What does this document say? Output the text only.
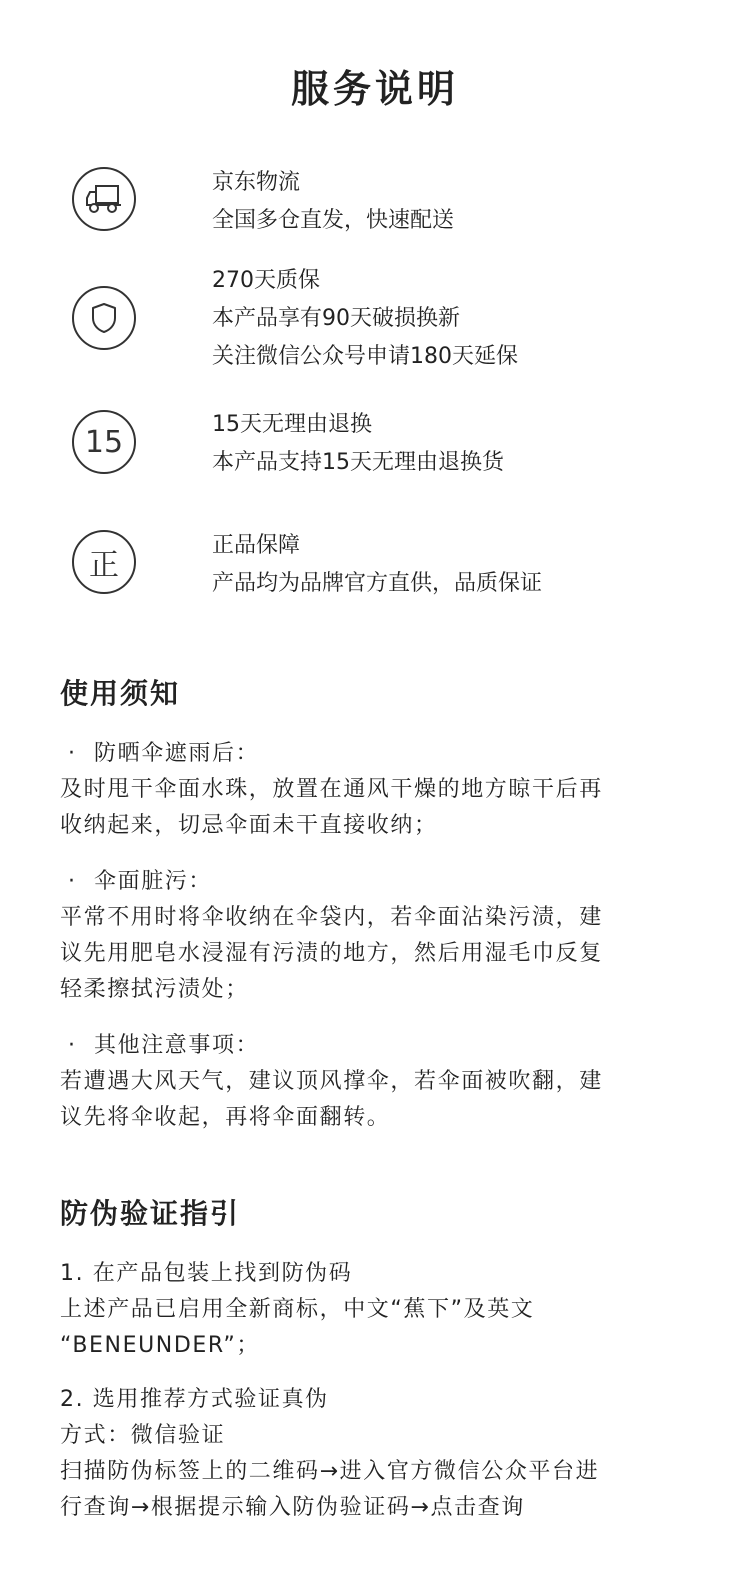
服务说明
京东物流
全国多仓直发，快速配送
270天质保
本产品享有90天破损换新
关注微信公众号申请180天延保
15	15天无理由退换
本产品支持15天无理由退换货
正
正品保障
产品均为品牌官方直供，品质保证
使用须知
· 防晒伞遮雨后：
及时甩干伞面水珠，放置在通风干燥的地方晾干后再
收纳起来，切忌伞面未干直接收纳；
· 伞面脏污：
平常不用时将伞收纳在伞袋内，若伞面沾染污渍，建
议先用肥皂水浸湿有污渍的地方，然后用湿毛巾反复
轻柔擦拭污渍处；
· 其他注意事项：
若遭遇大风天气，建议顶风撑伞，若伞面被吹翻，建
议先将伞收起，再将伞面翻转。
防伪验证指引
1. 在产品包装上找到防伪码
上述产品已启用全新商标，中文“蕉下”及英文
“BENEUNDER”；
2. 选用推荐方式验证真伪
方式：微信验证
扫描防伪标签上的二维码→进入官方微信公众平台进
行查询→根据提示输入防伪验证码→点击查询
